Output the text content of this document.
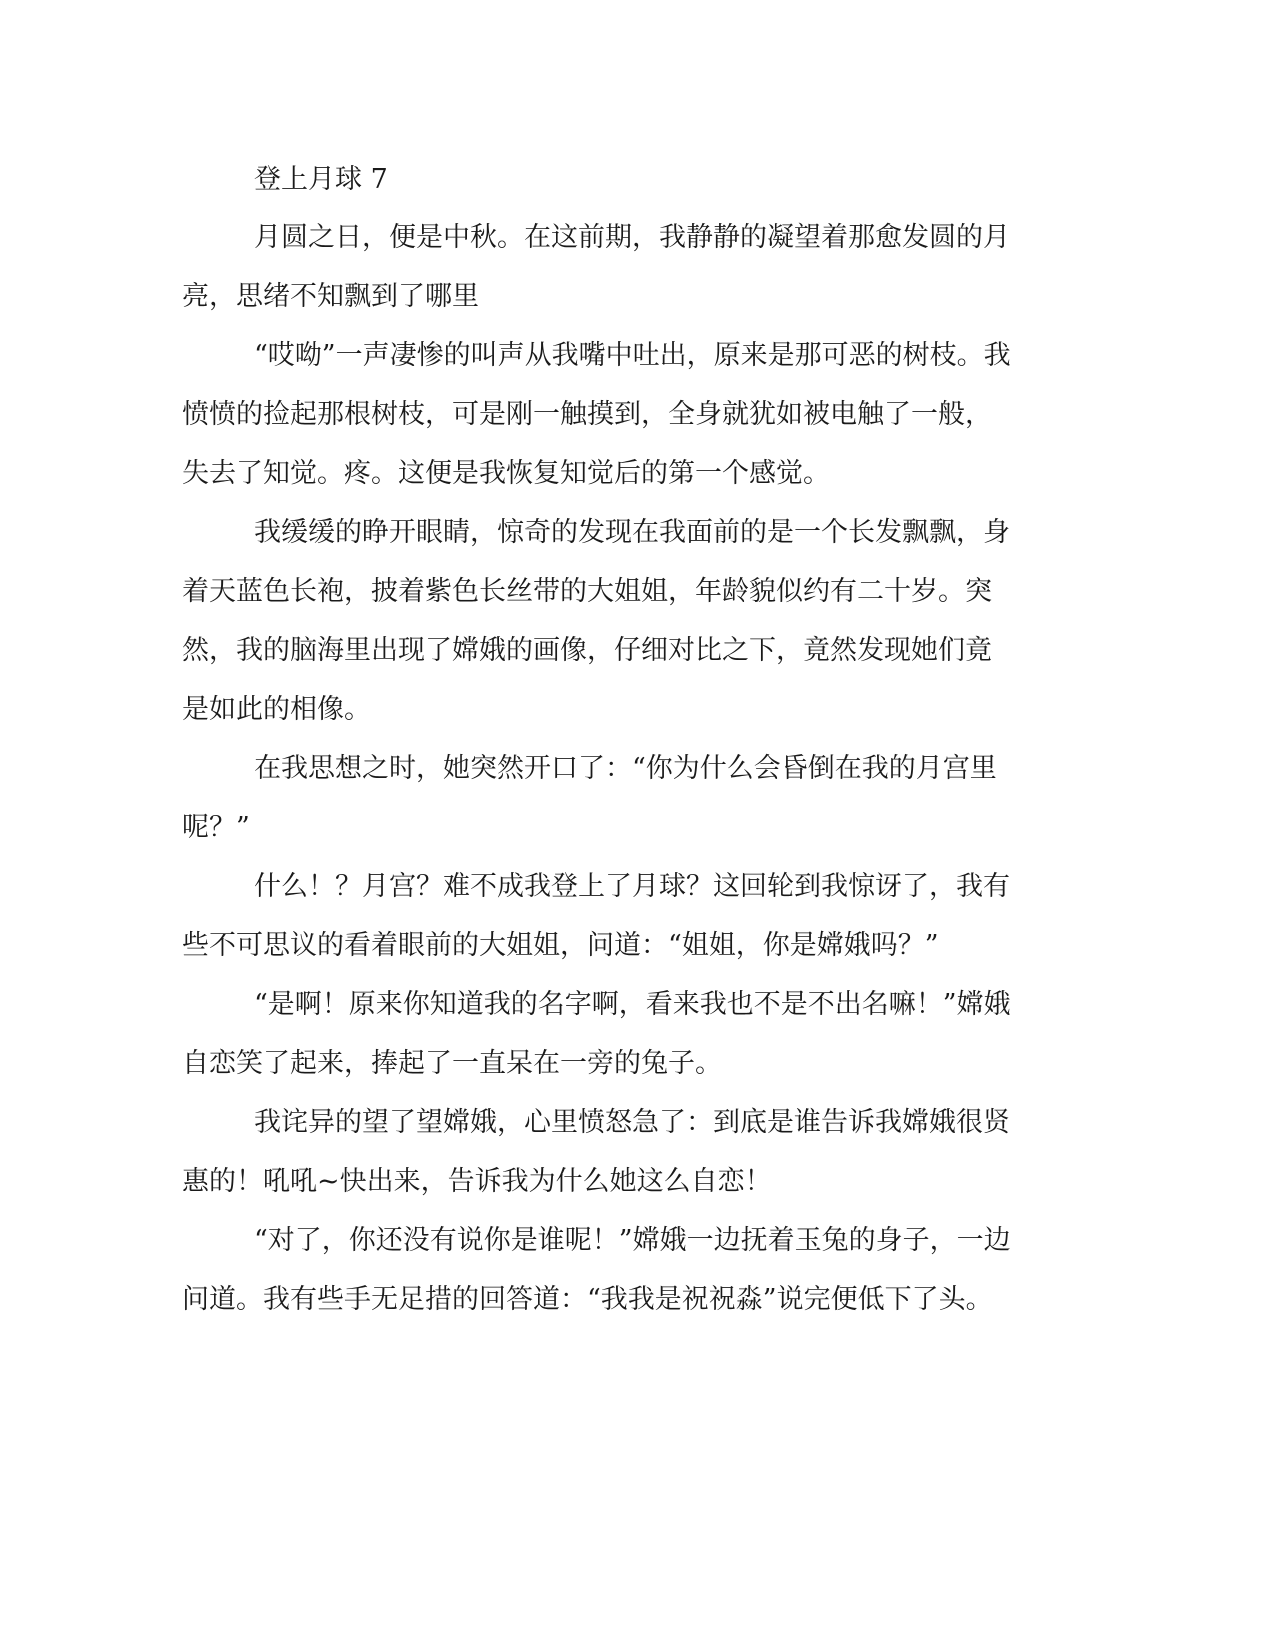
登上月球 7
月圆之日，便是中秋。在这前期，我静静的凝望着那愈发圆的月
亮，思绪不知飘到了哪里
“哎呦”一声凄惨的叫声从我嘴中吐出，原来是那可恶的树枝。我
愤愤的捡起那根树枝，可是刚一触摸到，全身就犹如被电触了一般，
失去了知觉。疼。这便是我恢复知觉后的第一个感觉。
我缓缓的睁开眼睛，惊奇的发现在我面前的是一个长发飘飘，身
着天蓝色长袍，披着紫色长丝带的大姐姐，年龄貌似约有二十岁。突
然，我的脑海里出现了嫦娥的画像，仔细对比之下，竟然发现她们竟
是如此的相像。
在我思想之时，她突然开口了：“你为什么会昏倒在我的月宫里
呢？”
什么！？月宫？难不成我登上了月球？这回轮到我惊讶了，我有
些不可思议的看着眼前的大姐姐，问道：“姐姐，你是嫦娥吗？”
“是啊！原来你知道我的名字啊，看来我也不是不出名嘛！”嫦娥
自恋笑了起来，捧起了一直呆在一旁的兔子。
我诧异的望了望嫦娥，心里愤怒急了：到底是谁告诉我嫦娥很贤
惠的！吼吼~快出来，告诉我为什么她这么自恋！
“对了，你还没有说你是谁呢！”嫦娥一边抚着玉兔的身子，一边
问道。我有些手无足措的回答道：“我我是祝祝淼”说完便低下了头。
